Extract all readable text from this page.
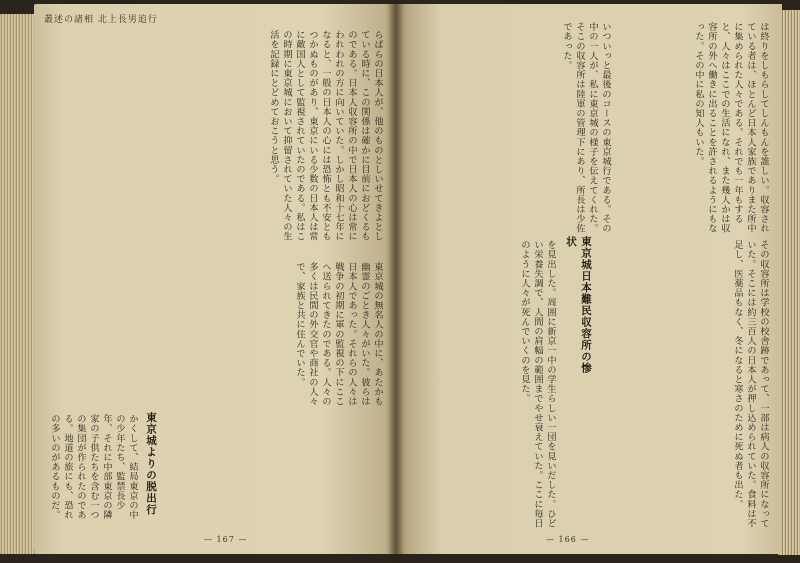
叢述の諸相 北上長男追行

らばらの日本人が、他のものとしいせてきよとしている時に、この関係は確かに目前におどくるものである。日本人収容所の中で日本人の心は常にわれわれの方に向いていた。しかし昭和十七年になると、一般の日本人の心には恐怖とも不安ともつかぬものがあり、東京にいる少数の日本人は常に敵国人として監視されていたのである。私はこの時期に東京城において抑留されていた人々の生活を記録にとどめておこうと思う。

東京城の無名人の中に、あたかも幽霊のごとき人々がいた。彼らは日本人であった。それらの人々は戦争の初期に軍の監視の下にここへ送られてきたのである。人々の多くは民間の外交官や商社の人々で、家族と共に住んでいた。

東京城よりの脱出行

かくして、結局東京の中の少年たち、監禁長少年、それに中部東京の隣家の子供たちを含む一つの集団が作られたのである。地道の旅にも、恐れの多いのがあるものだ。

— 167 —

は終りをしもらしてしんもんを誰しい。収容されている者は、ほとんど日本人家族でありまた所中に集められた人々である。それでも一年もすると、人々はここでの生活になれ、また幾人かは収容所の外へ働きに出ることを許されるようにもなった。その中に私の知人もいた。

いついっと最後のコースの東京城行である。その中の一人が、私に東京城の様子を伝えてくれた。そこの収容所は陸軍の管理下にあり、所長は少佐であった。

東京城日本難民収容所の惨状	その収容所は学校の校舎跡であって、一部は病人の収容所になっていた。そこには約三百人の日本人が押し込められていた。食料は不足し、医薬品もなく、冬になると寒さのために死ぬ者も出た。

を見出した。周囲に新京一中の学生らしい一団を見いだした。ひどい栄養失調で、人間の肩幅の範囲までやせ衰えていた。ここに毎日のように人々が死んでいくのを見た。

— 166 —
